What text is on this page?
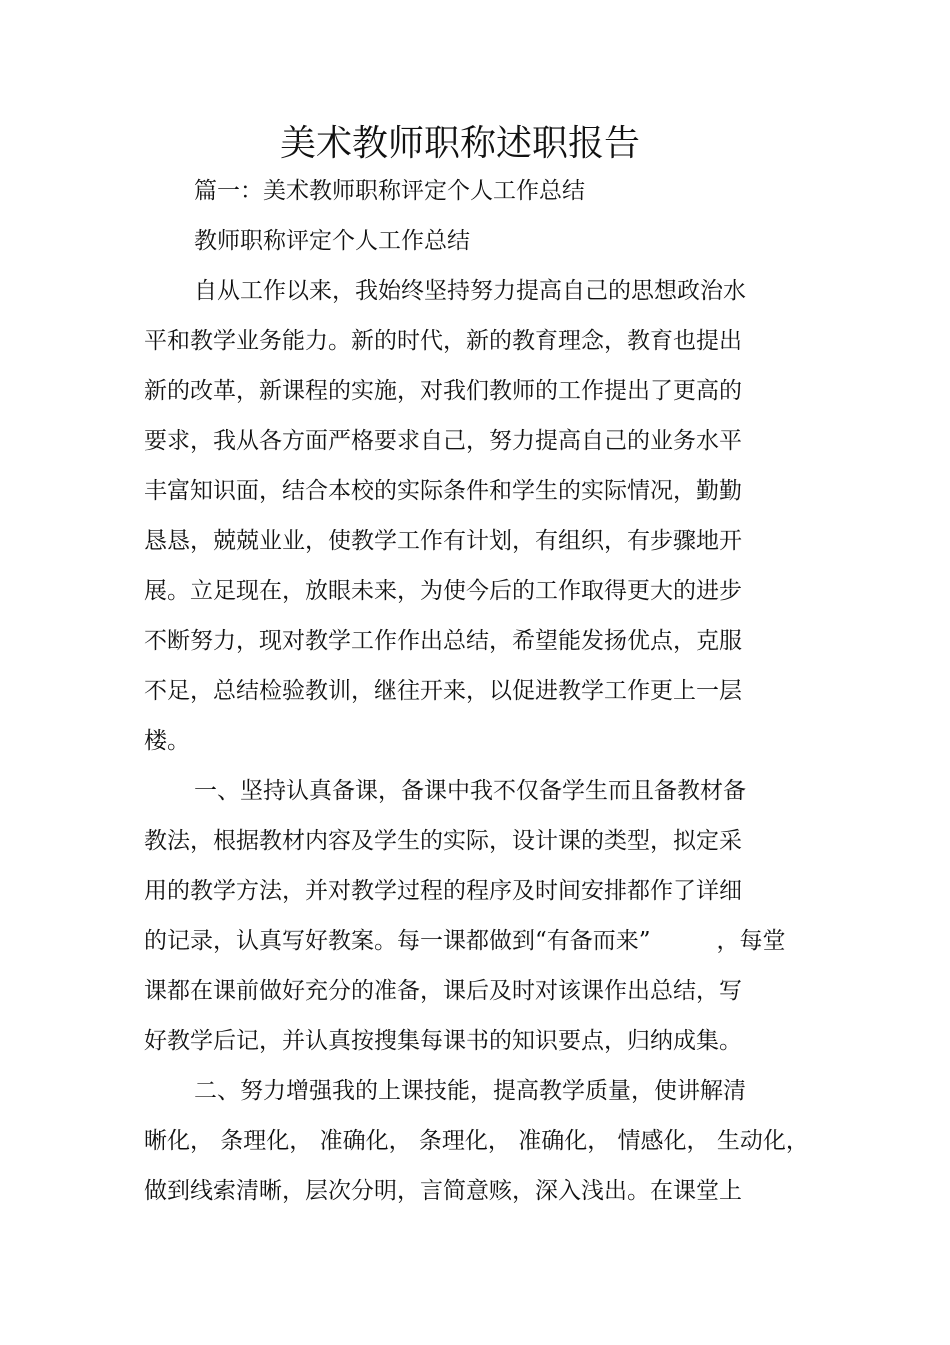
美术教师职称述职报告
篇一：美术教师职称评定个人工作总结
教师职称评定个人工作总结
自从工作以来，我始终坚持努力提高自己的思想政治水
平和教学业务能力。新的时代，新的教育理念，教育也提出
新的改革，新课程的实施，对我们教师的工作提出了更高的
要求，我从各方面严格要求自己，努力提高自己的业务水平
丰富知识面，结合本校的实际条件和学生的实际情况，勤勤
恳恳，兢兢业业，使教学工作有计划，有组织，有步骤地开
展。立足现在，放眼未来，为使今后的工作取得更大的进步
不断努力，现对教学工作作出总结，希望能发扬优点，克服
不足，总结检验教训，继往开来，以促进教学工作更上一层
楼。
一、坚持认真备课，备课中我不仅备学生而且备教材备
教法，根据教材内容及学生的实际，设计课的类型，拟定采
用的教学方法，并对教学过程的程序及时间安排都作了详细
的记录，认真写好教案。每一课都做到“有备而来”	，每堂
课都在课前做好充分的准备，课后及时对该课作出总结，写
好教学后记，并认真按搜集每课书的知识要点，归纳成集。
二、努力增强我的上课技能，提高教学质量，使讲解清
晰化， 条理化， 准确化， 条理化， 准确化， 情感化， 生动化，
做到线索清晰，层次分明，言简意赅，深入浅出。在课堂上
